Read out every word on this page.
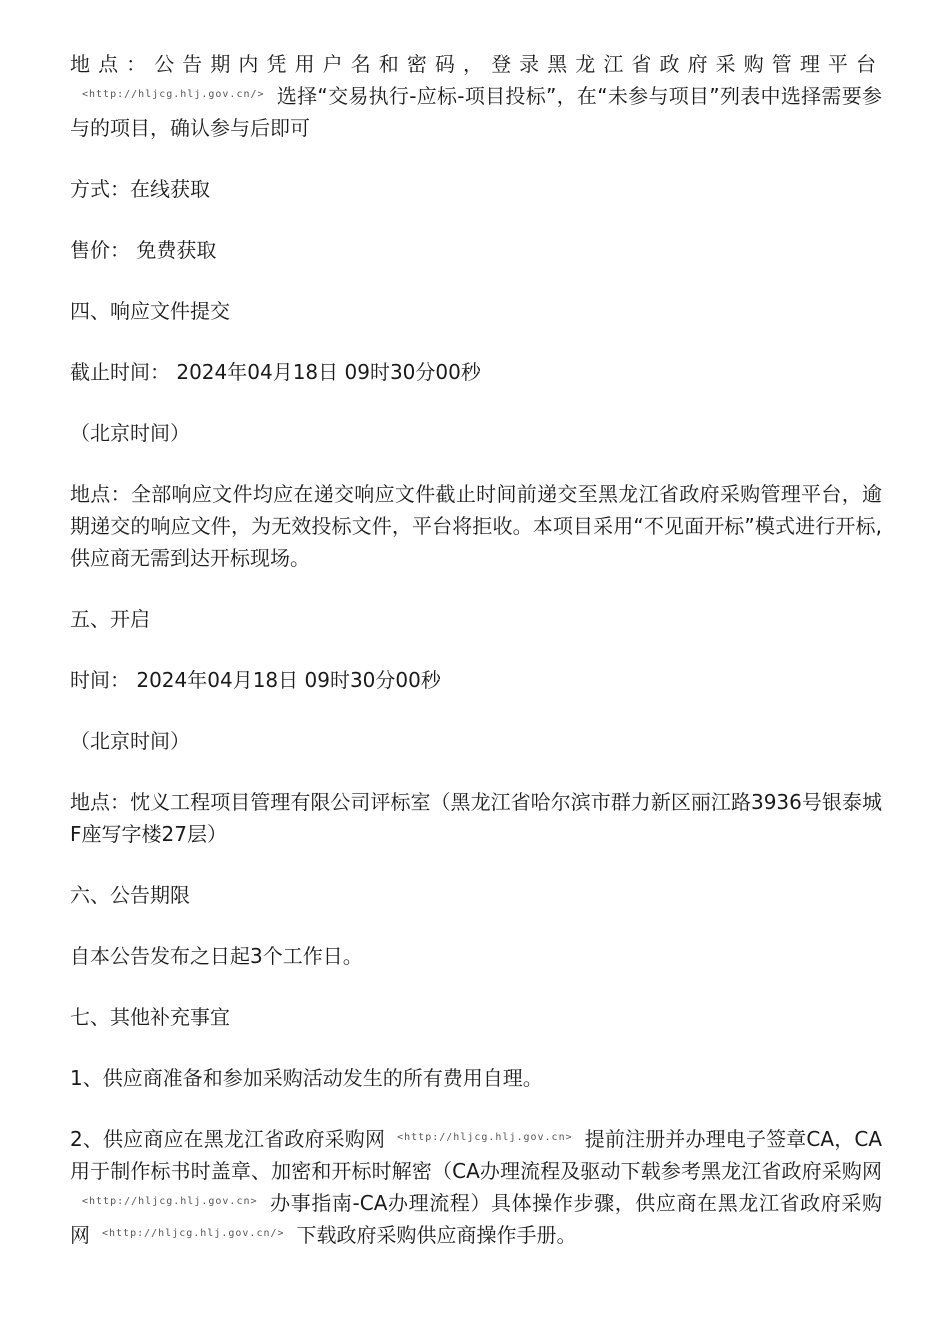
地点：公告期内凭用户名和密码，登录黑龙江省政府采购管理平台<http://hljcg.hlj.gov.cn/> 选择“交易执行-应标-项目投标”，在“未参与项目”列表中选择需要参与的项目，确认参与后即可

方式：在线获取

售价： 免费获取

四、响应文件提交

截止时间： 2024年04月18日 09时30分00秒

（北京时间）

地点：全部响应文件均应在递交响应文件截止时间前递交至黑龙江省政府采购管理平台，逾期递交的响应文件，为无效投标文件，平台将拒收。本项目采用“不见面开标”模式进行开标,供应商无需到达开标现场。

五、开启

时间： 2024年04月18日 09时30分00秒

（北京时间）

地点：忱义工程项目管理有限公司评标室（黑龙江省哈尔滨市群力新区丽江路3936号银泰城F座写字楼27层）

六、公告期限

自本公告发布之日起3个工作日。

七、其他补充事宜

1、供应商准备和参加采购活动发生的所有费用自理。

2、供应商应在黑龙江省政府采购网 <http://hljcg.hlj.gov.cn> 提前注册并办理电子签章CA，CA用于制作标书时盖章、加密和开标时解密（CA办理流程及驱动下载参考黑龙江省政府采购网<http://hljcg.hlj.gov.cn> 办事指南-CA办理流程）具体操作步骤，供应商在黑龙江省政府采购网 <http://hljcg.hlj.gov.cn/> 下载政府采购供应商操作手册。
